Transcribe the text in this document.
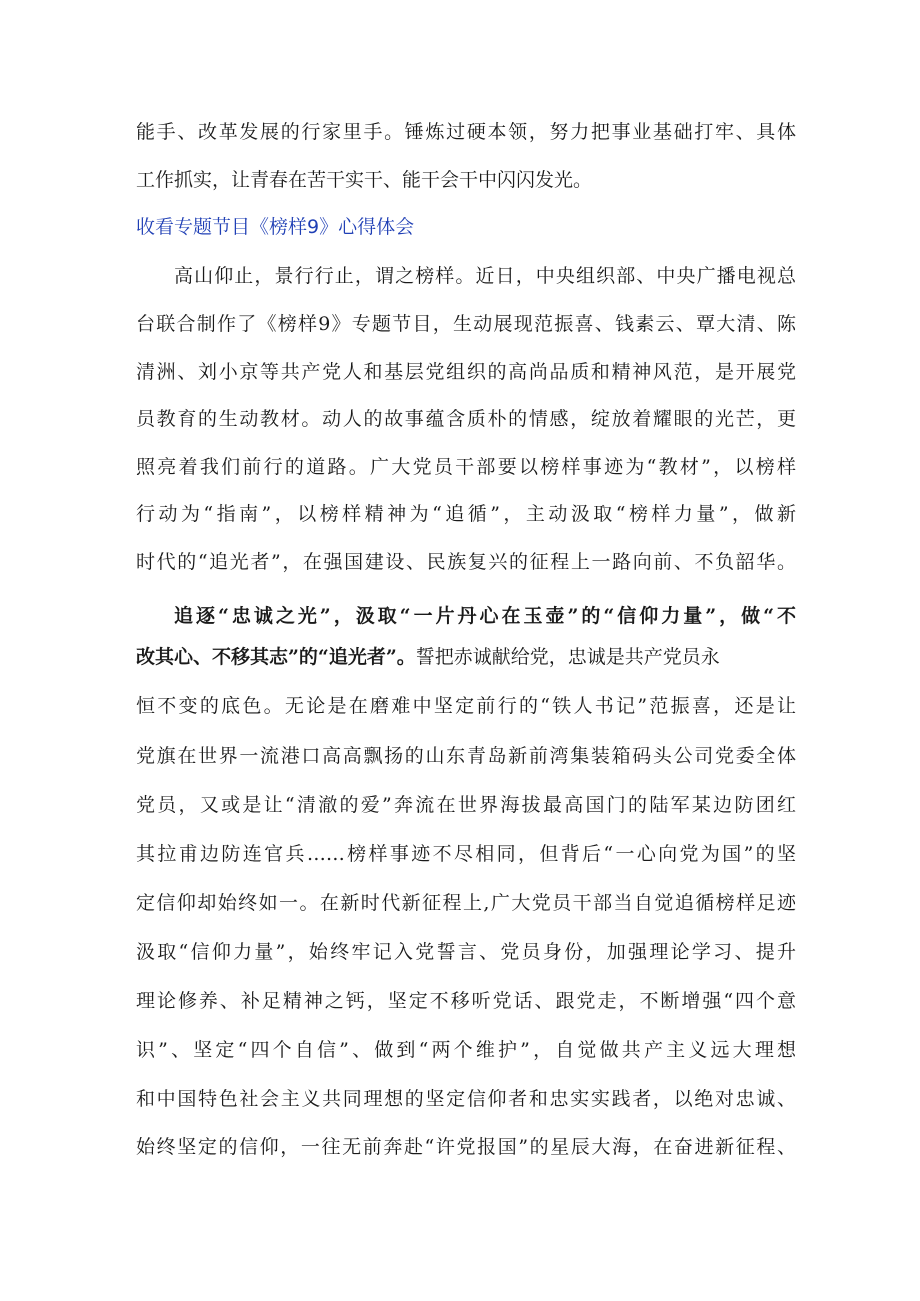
能手、改革发展的行家里手。锤炼过硬本领，努力把事业基础打牢、具体
工作抓实，让青春在苦干实干、能干会干中闪闪发光。
收看专题节目《榜样9》心得体会
高山仰止，景行行止，谓之榜样。近日，中央组织部、中央广播电视总
台联合制作了《榜样9》专题节目，生动展现范振喜、钱素云、覃大清、陈
清洲、刘小京等共产党人和基层党组织的高尚品质和精神风范，是开展党
员教育的生动教材。动人的故事蕴含质朴的情感，绽放着耀眼的光芒，更
照亮着我们前行的道路。广大党员干部要以榜样事迹为“教材”，以榜样
行动为“指南”，以榜样精神为“追循”，主动汲取“榜样力量”，做新
时代的“追光者”，在强国建设、民族复兴的征程上一路向前、不负韶华。
追逐“忠诚之光”，汲取“一片丹心在玉壶”的“信仰力量”，做“不
改其心、不移其志”的“追光者”。誓把赤诚献给党，忠诚是共产党员永
恒不变的底色。无论是在磨难中坚定前行的“铁人书记”范振喜，还是让
党旗在世界一流港口高高飘扬的山东青岛新前湾集装箱码头公司党委全体
党员，又或是让“清澈的爱”奔流在世界海拔最高国门的陆军某边防团红
其拉甫边防连官兵……榜样事迹不尽相同，但背后“一心向党为国”的坚
定信仰却始终如一。在新时代新征程上,广大党员干部当自觉追循榜样足迹
汲取“信仰力量”，始终牢记入党誓言、党员身份，加强理论学习、提升
理论修养、补足精神之钙，坚定不移听党话、跟党走，不断增强“四个意
识”、坚定“四个自信”、做到“两个维护”，自觉做共产主义远大理想
和中国特色社会主义共同理想的坚定信仰者和忠实实践者，以绝对忠诚、
始终坚定的信仰，一往无前奔赴“许党报国”的星辰大海，在奋进新征程、
